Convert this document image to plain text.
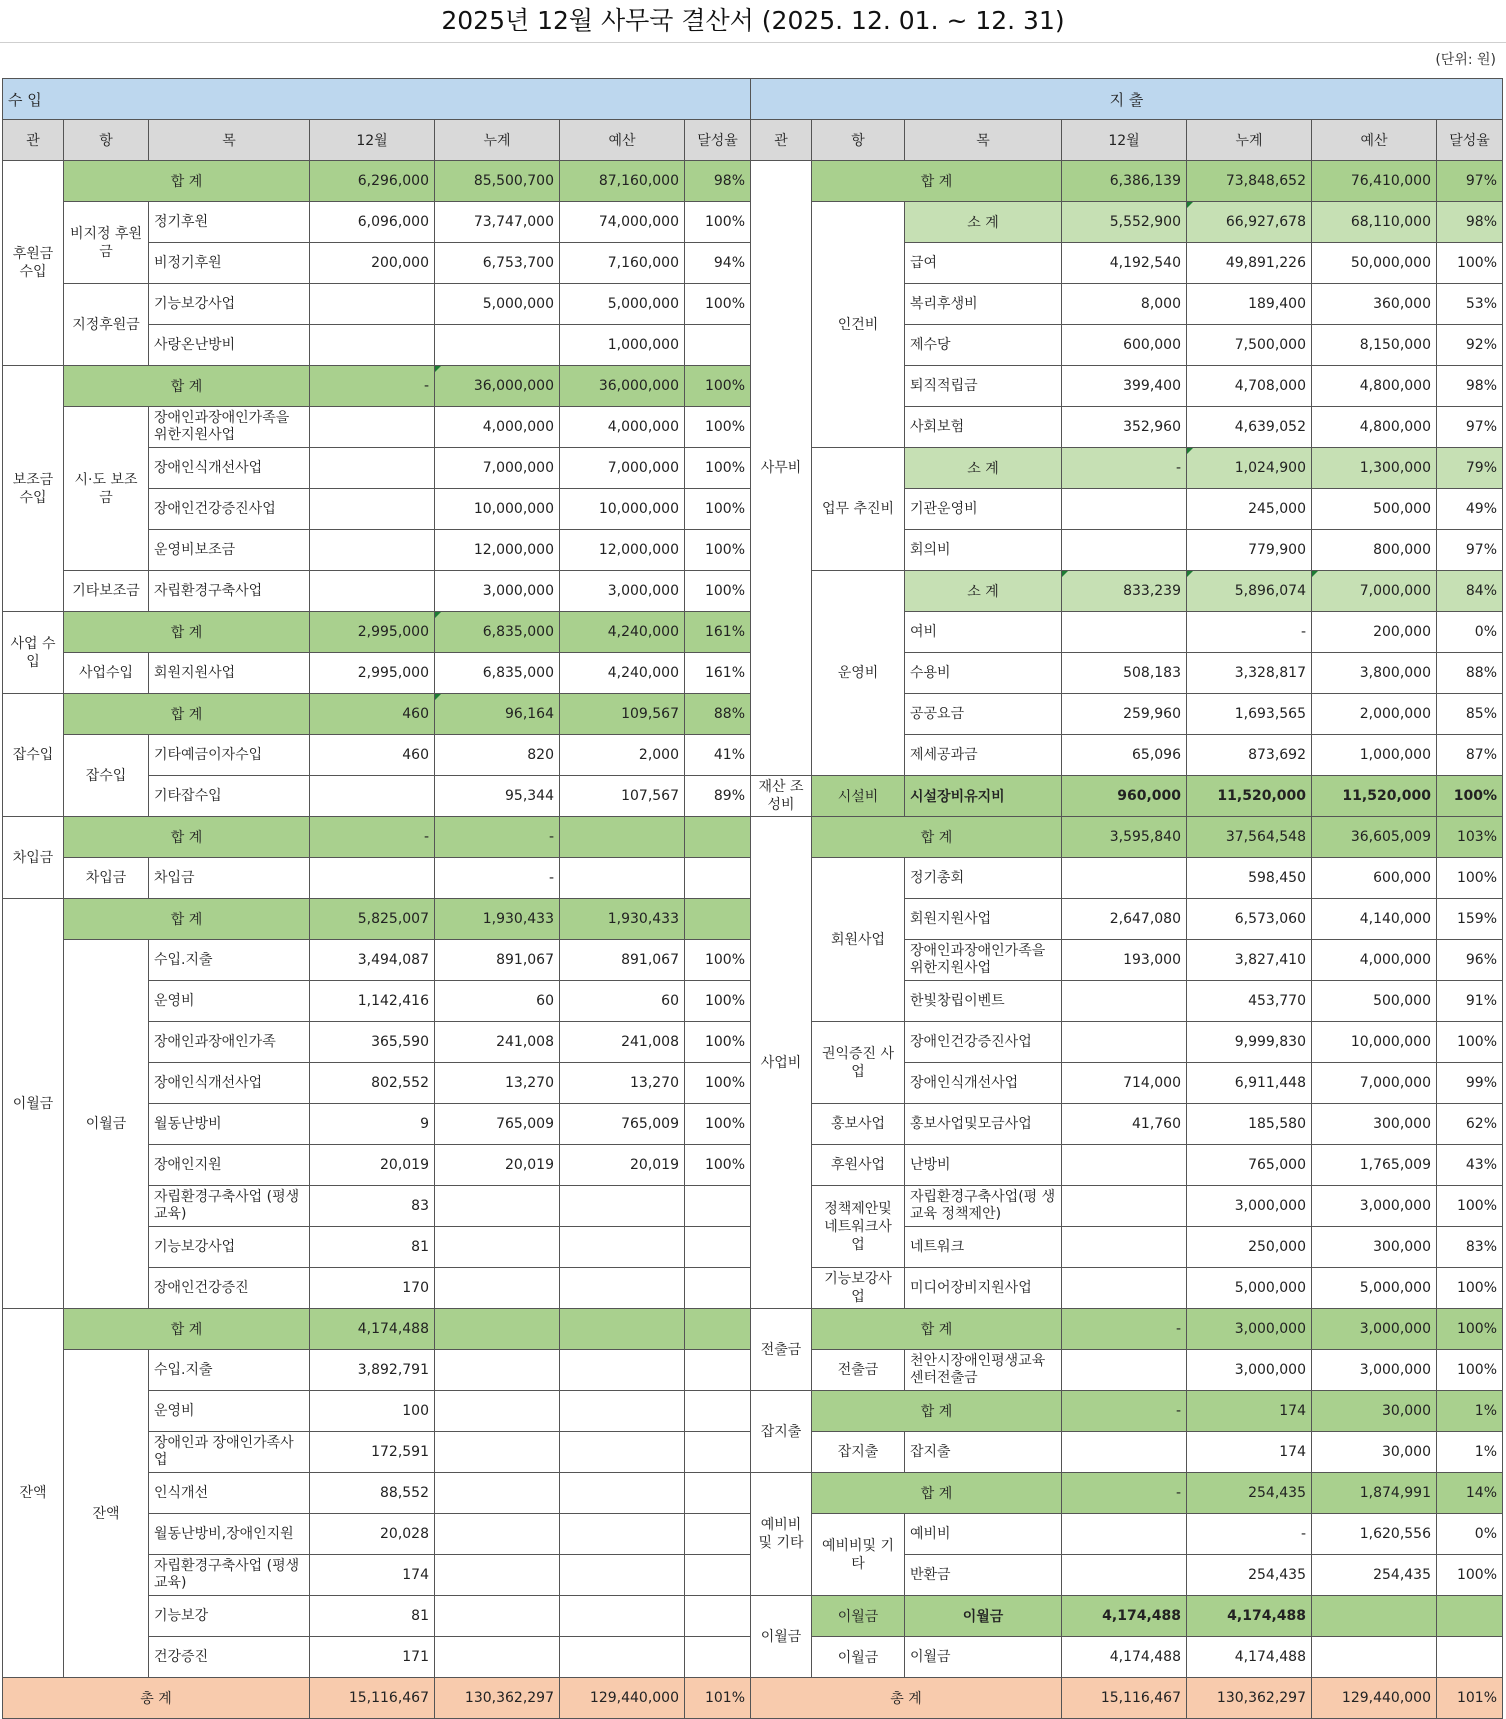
2025년 12월 사무국 결산서 (2025. 12. 01. ~ 12. 31)
(단위: 원)
수 입							지 출						
관	항	목	12월	누계	예산	달성율	관	항	목	12월	누계	예산	달성율
후원금 수입	합 계		6,296,000	85,500,700	87,160,000	98%	사무비	합 계		6,386,139	73,848,652	76,410,000	97%
	비지정 후원금	정기후원	6,096,000	73,747,000	74,000,000	100%		인건비	소 계	5,552,900	66,927,678	68,110,000	98%
		비정기후원	200,000	6,753,700	7,160,000	94%			급여	4,192,540	49,891,226	50,000,000	100%
	지정후원금	기능보강사업		5,000,000	5,000,000	100%			복리후생비	8,000	189,400	360,000	53%
		사랑온난방비			1,000,000				제수당	600,000	7,500,000	8,150,000	92%
보조금 수입	합 계		-	36,000,000	36,000,000	100%			퇴직적립금	399,400	4,708,000	4,800,000	98%
	시·도 보조금	장애인과장애인가족을 위한지원사업		4,000,000	4,000,000	100%			사회보험	352,960	4,639,052	4,800,000	97%
		장애인식개선사업		7,000,000	7,000,000	100%		업무 추진비	소 계	-	1,024,900	1,300,000	79%
		장애인건강증진사업		10,000,000	10,000,000	100%			기관운영비		245,000	500,000	49%
		운영비보조금		12,000,000	12,000,000	100%			회의비		779,900	800,000	97%
	기타보조금	자립환경구축사업		3,000,000	3,000,000	100%		운영비	소 계	833,239	5,896,074	7,000,000	84%
사업 수입	합 계		2,995,000	6,835,000	4,240,000	161%			여비		-	200,000	0%
	사업수입	회원지원사업	2,995,000	6,835,000	4,240,000	161%			수용비	508,183	3,328,817	3,800,000	88%
잡수입	합 계		460	96,164	109,567	88%			공공요금	259,960	1,693,565	2,000,000	85%
	잡수입	기타예금이자수입	460	820	2,000	41%			제세공과금	65,096	873,692	1,000,000	87%
		기타잡수입		95,344	107,567	89%	재산 조성비	시설비	시설장비유지비	960,000	11,520,000	11,520,000	100%
차입금	합 계		-	-			사업비	합 계		3,595,840	37,564,548	36,605,009	103%
	차입금	차입금		-				회원사업	정기총회		598,450	600,000	100%
이월금	합 계		5,825,007	1,930,433	1,930,433				회원지원사업	2,647,080	6,573,060	4,140,000	159%
	이월금	수입.지출	3,494,087	891,067	891,067	100%			장애인과장애인가족을 위한지원사업	193,000	3,827,410	4,000,000	96%
		운영비	1,142,416	60	60	100%			한빛창립이벤트		453,770	500,000	91%
		장애인과장애인가족	365,590	241,008	241,008	100%		권익증진 사업	장애인건강증진사업		9,999,830	10,000,000	100%
		장애인식개선사업	802,552	13,270	13,270	100%			장애인식개선사업	714,000	6,911,448	7,000,000	99%
		월동난방비	9	765,009	765,009	100%		홍보사업	홍보사업및모금사업	41,760	185,580	300,000	62%
		장애인지원	20,019	20,019	20,019	100%		후원사업	난방비		765,000	1,765,009	43%
		자립환경구축사업 (평생교육)	83					정책제안및 네트워크사 업	자립환경구축사업(평 생교육 정책제안)		3,000,000	3,000,000	100%
		기능보강사업	81						네트워크		250,000	300,000	83%
		장애인건강증진	170					기능보강사 업	미디어장비지원사업		5,000,000	5,000,000	100%
잔액	합 계		4,174,488				전출금	합 계		-	3,000,000	3,000,000	100%
	잔액	수입.지출	3,892,791					전출금	천안시장애인평생교육 센터전출금		3,000,000	3,000,000	100%
		운영비	100				잡지출	합 계		-	174	30,000	1%
		장애인과 장애인가족사업	172,591					잡지출	잡지출		174	30,000	1%
		인식개선	88,552				예비비 및 기타	합 계		-	254,435	1,874,991	14%
		월동난방비,장애인지원	20,028					예비비및 기타	예비비		-	1,620,556	0%
		자립환경구축사업 (평생교육)	174						반환금		254,435	254,435	100%
		기능보강	81				이월금	이월금	이월금	4,174,488	4,174,488		
		건강증진	171					이월금	이월금	4,174,488	4,174,488		
총 계			15,116,467	130,362,297	129,440,000	101%	총 계			15,116,467	130,362,297	129,440,000	101%
